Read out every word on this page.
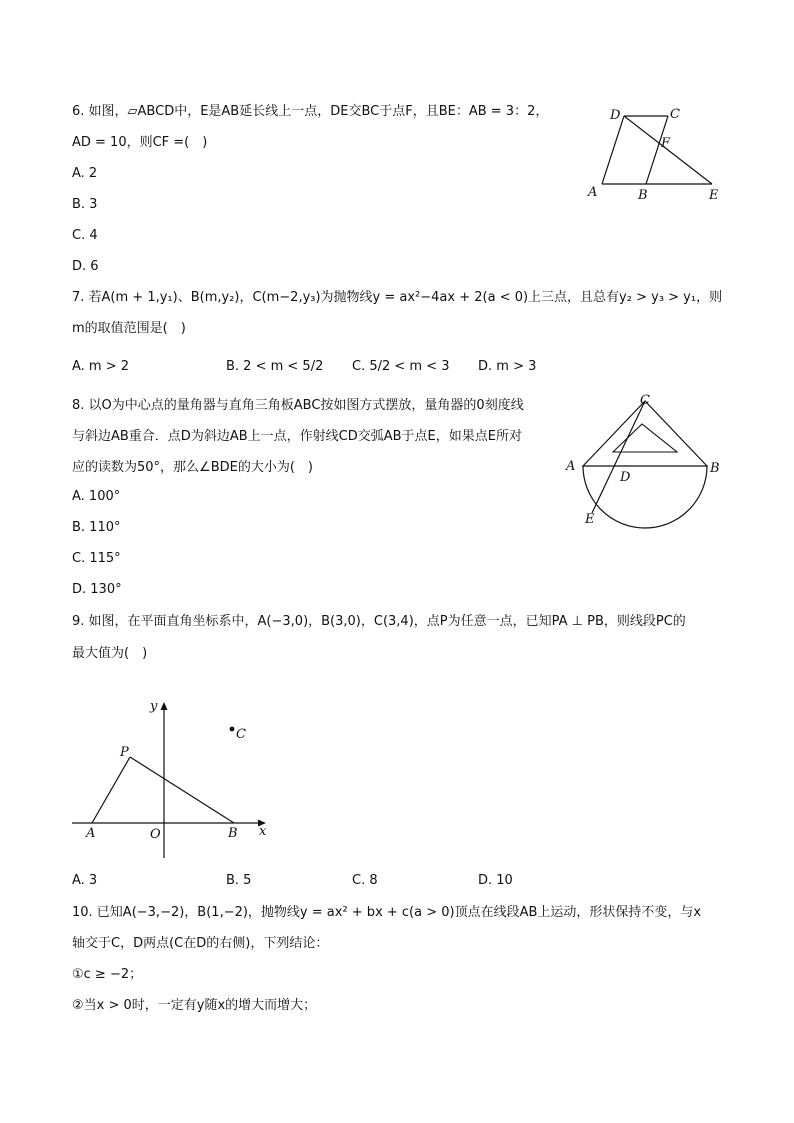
6. 如图，▱ABCD中，E是AB延长线上一点，DE交BC于点F，且BE：AB = 3：2，
AD = 10，则CF =(　)
A. 2
B. 3
C. 4
D. 6
D	C
F
A	B	E
7. 若A(m + 1,y₁)、B(m,y₂)，C(m−2,y₃)为抛物线y = ax²−4ax + 2(a < 0)上三点，且总有y₂ > y₃ > y₁，则
m的取值范围是(　)
A. m > 2	B. 2 < m < 5/2 C. 5/2 < m < 3 D. m > 3
8. 以O为中心点的量角器与直角三角板ABC按如图方式摆放，量角器的0刻度线
与斜边AB重合．点D为斜边AB上一点，作射线CD交弧AB于点E，如果点E所对
应的读数为50°，那么∠BDE的大小为(　)
A. 100°
B. 110°
C. 115°
D. 130°
C
A	B
D
E
9. 如图，在平面直角坐标系中，A(−3,0)，B(3,0)，C(3,4)，点P为任意一点，已知PA ⊥ PB，则线段PC的
最大值为(　)
y
x
C
P
A	O	B
A. 3	B. 5	C. 8	D. 10
10. 已知A(−3,−2)，B(1,−2)，抛物线y = ax² + bx + c(a > 0)顶点在线段AB上运动，形状保持不变，与x
轴交于C，D两点(C在D的右侧)，下列结论：
①c ≥ −2；
②当x > 0时，一定有y随x的增大而增大；
